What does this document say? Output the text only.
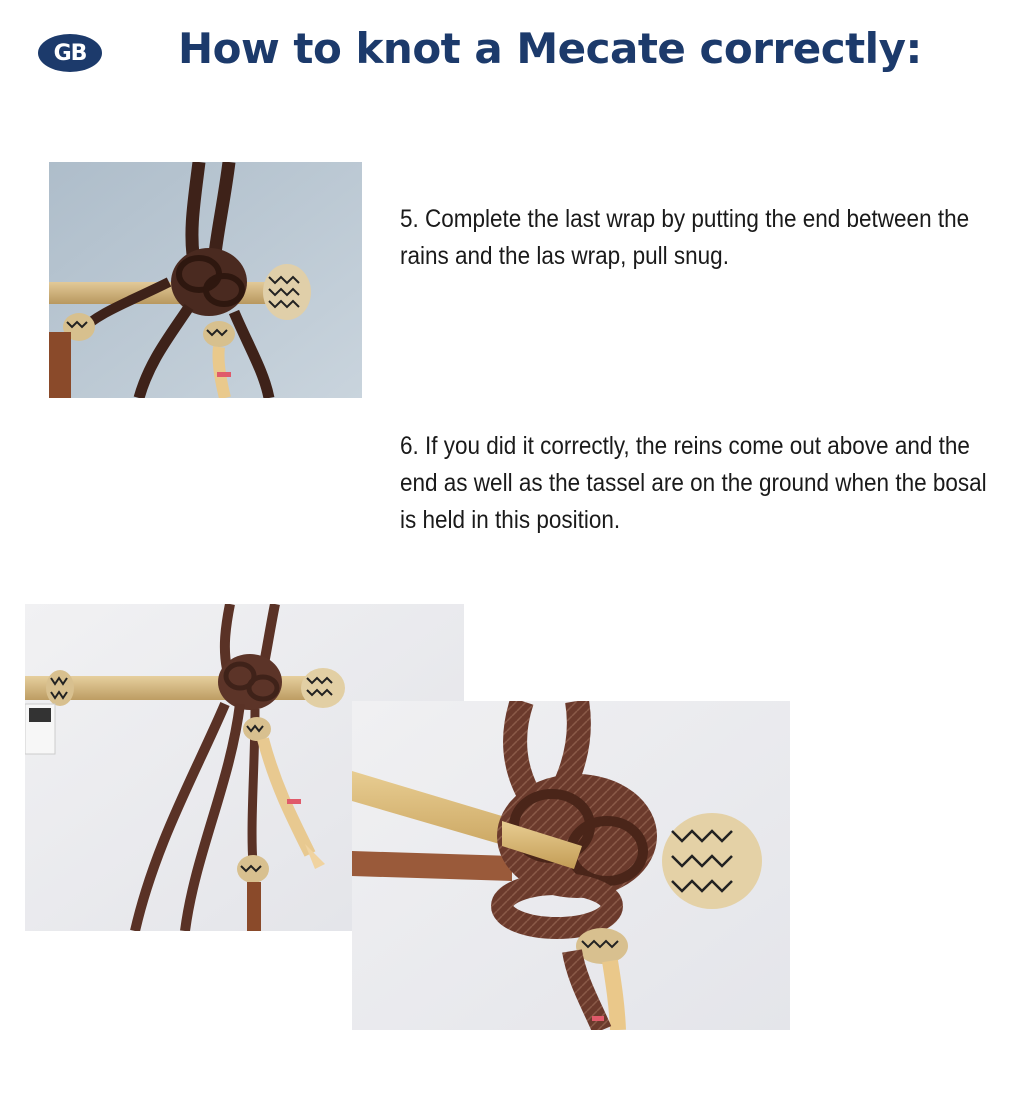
GB	How to knot a Mecate correctly:

5. Complete the last wrap by putting the end between the rains and the las wrap, pull snug.

6. If you did it correctly, the reins come out above and the end as well as the tassel are on the ground when the bosal is held in this position.
